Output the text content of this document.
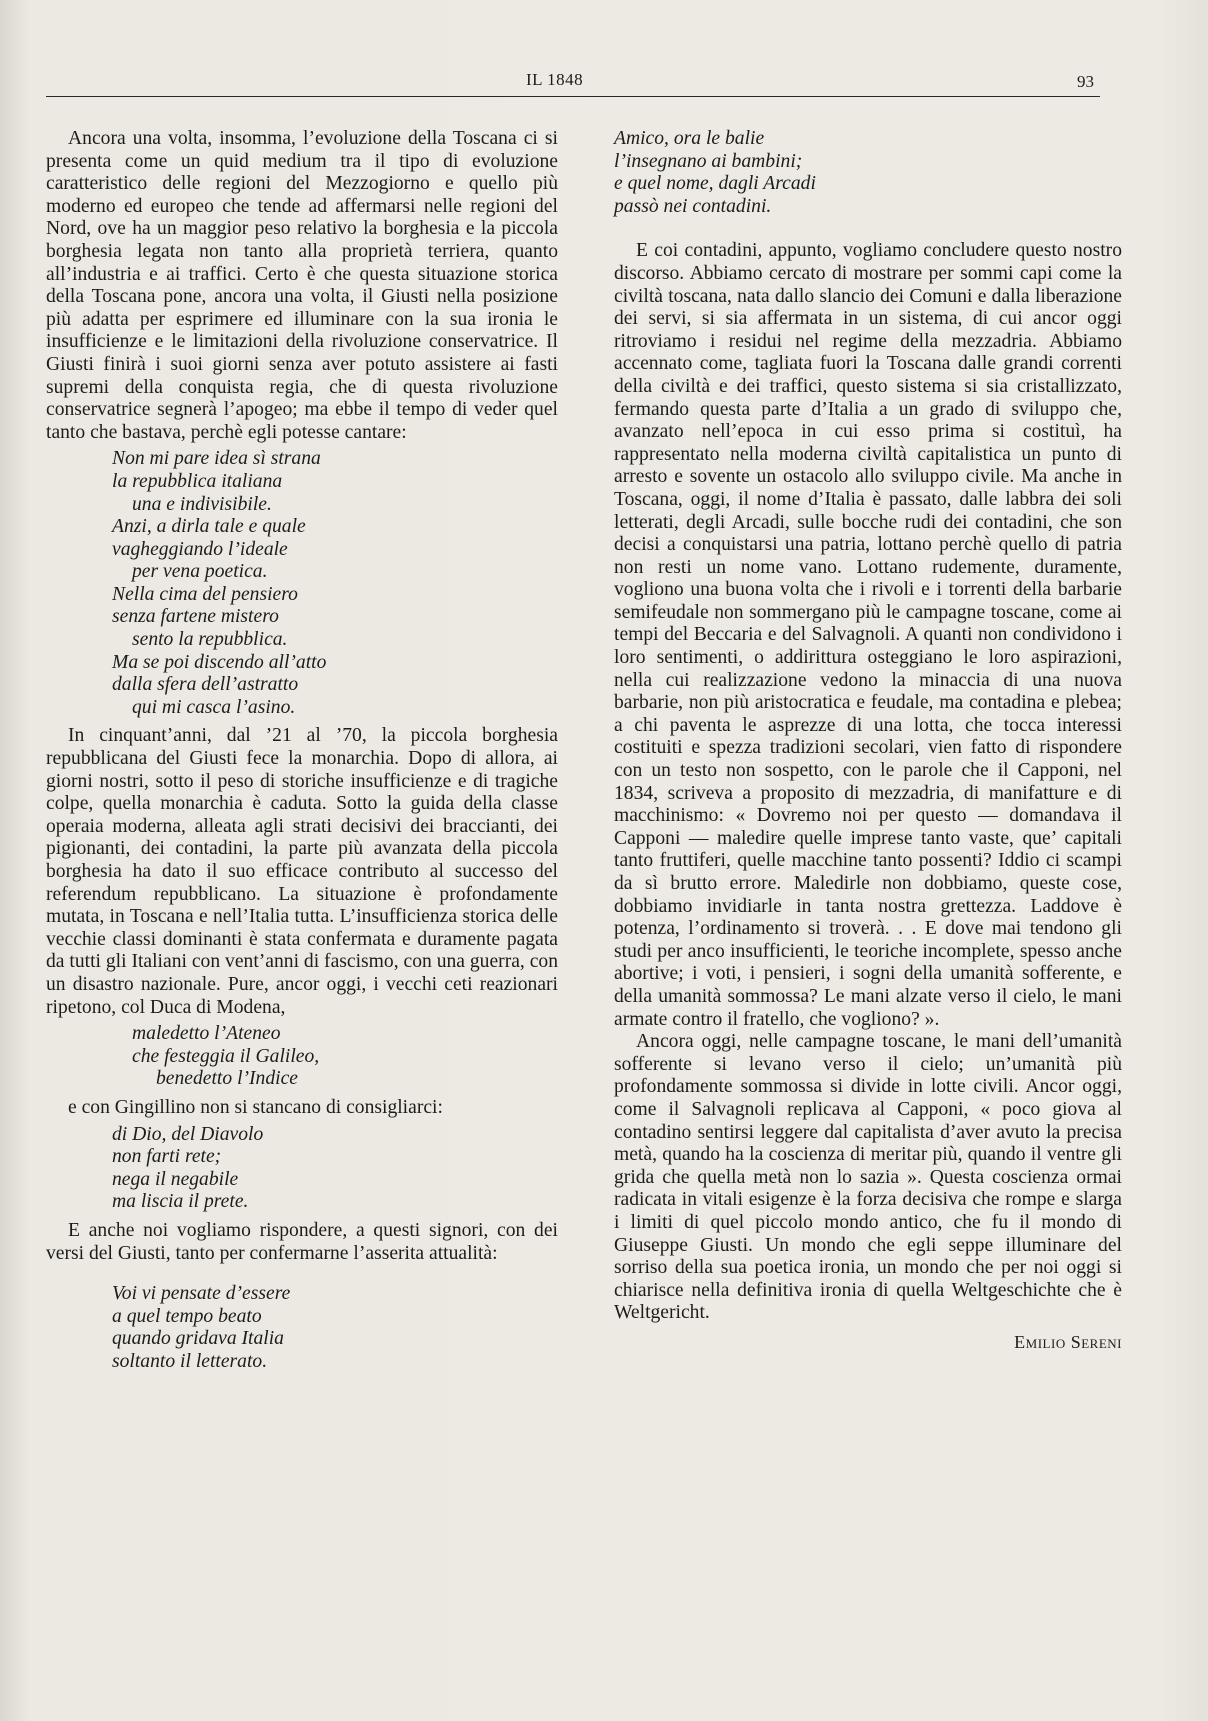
IL 1848	93

Ancora una volta, insomma, l’evoluzione della Toscana ci si presenta come un quid medium tra il tipo di evoluzione caratteristico delle regioni del Mezzogiorno e quello più moderno ed europeo che tende ad affermarsi nelle regioni del Nord, ove ha un maggior peso relativo la borghesia e la piccola borghesia legata non tanto alla proprietà terriera, quanto all’industria e ai traffici. Certo è che questa situazione storica della Toscana pone, ancora una volta, il Giusti nella posizione più adatta per esprimere ed illuminare con la sua ironia le insufficienze e le limitazioni della rivoluzione conservatrice. Il Giusti finirà i suoi giorni senza aver potuto assistere ai fasti supremi della conquista regia, che di questa rivoluzione conservatrice segnerà l’apogeo; ma ebbe il tempo di veder quel tanto che bastava, perchè egli potesse cantare:

Non mi pare idea sì strana
la repubblica italiana
una e indivisibile.
Anzi, a dirla tale e quale
vagheggiando l’ideale
per vena poetica.
Nella cima del pensiero
senza fartene mistero
sento la repubblica.
Ma se poi discendo all’atto
dalla sfera dell’astratto
qui mi casca l’asino.

In cinquant’anni, dal ’21 al ’70, la piccola borghesia repubblicana del Giusti fece la monarchia. Dopo di allora, ai giorni nostri, sotto il peso di storiche insufficienze e di tragiche colpe, quella monarchia è caduta. Sotto la guida della classe operaia moderna, alleata agli strati decisivi dei braccianti, dei pigionanti, dei contadini, la parte più avanzata della piccola borghesia ha dato il suo efficace contributo al successo del referendum repubblicano. La situazione è profondamente mutata, in Toscana e nell’Italia tutta. L’insufficienza storica delle vecchie classi dominanti è stata confermata e duramente pagata da tutti gli Italiani con vent’anni di fascismo, con una guerra, con un disastro nazionale. Pure, ancor oggi, i vecchi ceti reazionari ripetono, col Duca di Modena,

maledetto l’Ateneo
che festeggia il Galileo,
benedetto l’Indice

e con Gingillino non si stancano di consigliarci:

di Dio, del Diavolo
non farti rete;
nega il negabile
ma liscia il prete.

E anche noi vogliamo rispondere, a questi signori, con dei versi del Giusti, tanto per confermarne l’asserita attualità:

Voi vi pensate d’essere
a quel tempo beato
quando gridava Italia
soltanto il letterato.
Amico, ora le balie
l’insegnano ai bambini;
e quel nome, dagli Arcadi
passò nei contadini.

E coi contadini, appunto, vogliamo concludere questo nostro discorso. Abbiamo cercato di mostrare per sommi capi come la civiltà toscana, nata dallo slancio dei Comuni e dalla liberazione dei servi, si sia affermata in un sistema, di cui ancor oggi ritroviamo i residui nel regime della mezzadria. Abbiamo accennato come, tagliata fuori la Toscana dalle grandi correnti della civiltà e dei traffici, questo sistema si sia cristallizzato, fermando questa parte d’Italia a un grado di sviluppo che, avanzato nell’epoca in cui esso prima si costituì, ha rappresentato nella moderna civiltà capitalistica un punto di arresto e sovente un ostacolo allo sviluppo civile. Ma anche in Toscana, oggi, il nome d’Italia è passato, dalle labbra dei soli letterati, degli Arcadi, sulle bocche rudi dei contadini, che son decisi a conquistarsi una patria, lottano perchè quello di patria non resti un nome vano. Lottano rudemente, duramente, vogliono una buona volta che i rivoli e i torrenti della barbarie semifeudale non sommergano più le campagne toscane, come ai tempi del Beccaria e del Salvagnoli. A quanti non condividono i loro sentimenti, o addirittura osteggiano le loro aspirazioni, nella cui realizzazione vedono la minaccia di una nuova barbarie, non più aristocratica e feudale, ma contadina e plebea; a chi paventa le asprezze di una lotta, che tocca interessi costituiti e spezza tradizioni secolari, vien fatto di rispondere con un testo non sospetto, con le parole che il Capponi, nel 1834, scriveva a proposito di mezzadria, di manifatture e di macchinismo: « Dovremo noi per questo — domandava il Capponi — maledire quelle imprese tanto vaste, que’ capitali tanto fruttiferi, quelle macchine tanto possenti? Iddio ci scampi da sì brutto errore. Maledirle non dobbiamo, queste cose, dobbiamo invidiarle in tanta nostra grettezza. Laddove è potenza, l’ordinamento si troverà. . . E dove mai tendono gli studi per anco insufficienti, le teoriche incomplete, spesso anche abortive; i voti, i pensieri, i sogni della umanità sofferente, e della umanità sommossa? Le mani alzate verso il cielo, le mani armate contro il fratello, che vogliono? ».

Ancora oggi, nelle campagne toscane, le mani dell’umanità sofferente si levano verso il cielo; un’umanità più profondamente sommossa si divide in lotte civili. Ancor oggi, come il Salvagnoli replicava al Capponi, « poco giova al contadino sentirsi leggere dal capitalista d’aver avuto la precisa metà, quando ha la coscienza di meritar più, quando il ventre gli grida che quella metà non lo sazia ». Questa coscienza ormai radicata in vitali esigenze è la forza decisiva che rompe e slarga i limiti di quel piccolo mondo antico, che fu il mondo di Giuseppe Giusti. Un mondo che egli seppe illuminare del sorriso della sua poetica ironia, un mondo che per noi oggi si chiarisce nella definitiva ironia di quella Weltgeschichte che è Weltgericht.

Emilio Sereni
